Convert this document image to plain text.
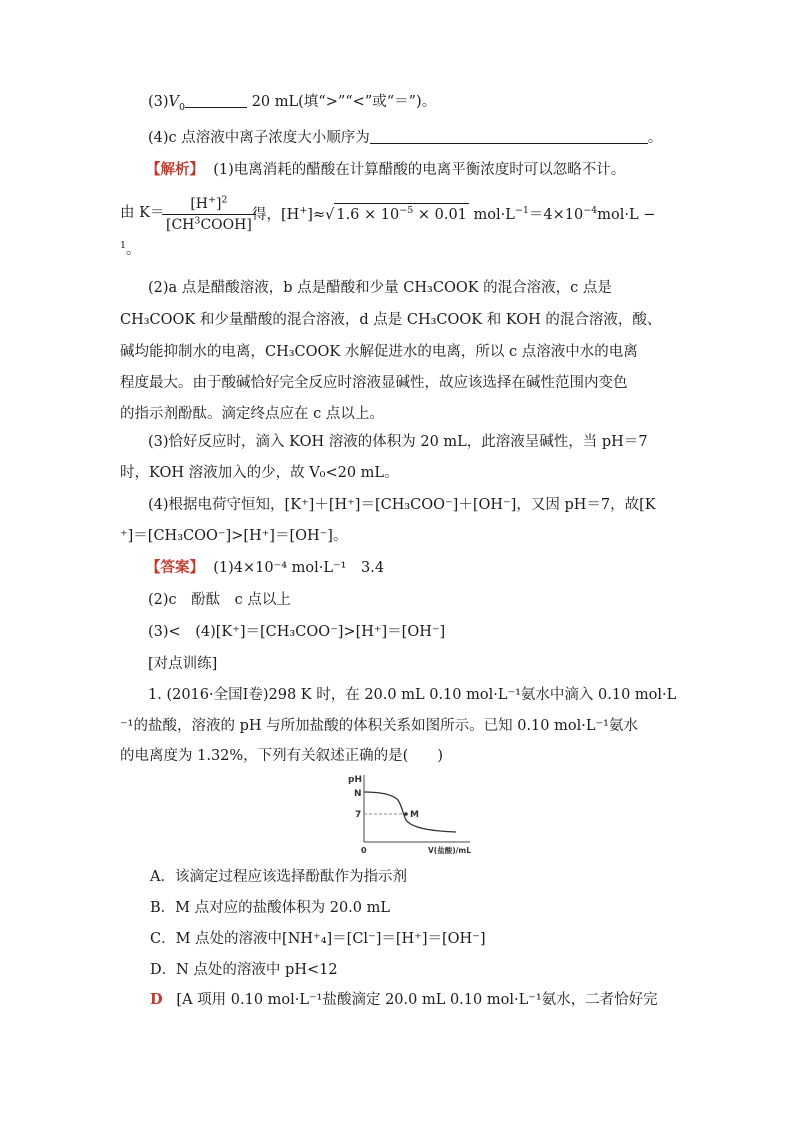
$(3)V_0$	20 mL(填“>”“<”或“＝”)。
(4)c 点溶液中离子浓度大小顺序为	。
【解析】 (1)电离消耗的醋酸在计算醋酸的电离平衡浓度时可以忽略不计。
由 K＝
$[H^+]^2$
$[CH^3COOH]$
得，[H+]≈√ $1.6 \times 10^{-5} \times 0.01$ $mol\cdot L^{-1}=4\times 10^{-4}mol\cdot L$ −
$^1$。
(2)a 点是醋酸溶液，b 点是醋酸和少量 CH₃COOK 的混合溶液，c 点是
CH₃COOK 和少量醋酸的混合溶液，d 点是 CH₃COOK 和 KOH 的混合溶液，酸、
碱均能抑制水的电离，CH₃COOK 水解促进水的电离，所以 c 点溶液中水的电离
程度最大。由于酸碱恰好完全反应时溶液显碱性，故应该选择在碱性范围内变色
的指示剂酚酞。滴定终点应在 c 点以上。
(3)恰好反应时，滴入 KOH 溶液的体积为 20 mL，此溶液呈碱性，当 pH＝7
时，KOH 溶液加入的少，故 V₀<20 mL。
(4)根据电荷守恒知，[K⁺]＋[H⁺]＝[CH₃COO⁻]＋[OH⁻]，又因 pH＝7，故[K
⁺]＝[CH₃COO⁻]>[H⁺]＝[OH⁻]。
【答案】 (1)4×10⁻⁴ mol·L⁻¹　3.4
(2)c　酚酞　c 点以上
(3)<　(4)[K⁺]＝[CH₃COO⁻]>[H⁺]＝[OH⁻]
[对点训练]
1. (2016·全国Ⅰ卷)298 K 时，在 20.0 mL 0.10 mol·L⁻¹氨水中滴入 0.10 mol·L
⁻¹的盐酸，溶液的 pH 与所加盐酸的体积关系如图所示。已知 0.10 mol·L⁻¹氨水
的电离度为 1.32%，下列有关叙述正确的是(　　)
pH
N
7	M
0	V(盐酸)/mL
A．该滴定过程应该选择酚酞作为指示剂
B．M 点对应的盐酸体积为 20.0 mL
C．M 点处的溶液中[NH⁺₄]＝[Cl⁻]＝[H⁺]＝[OH⁻]
D．N 点处的溶液中 pH<12
D [A 项用 0.10 mol·L⁻¹盐酸滴定 20.0 mL 0.10 mol·L⁻¹氨水，二者恰好完
